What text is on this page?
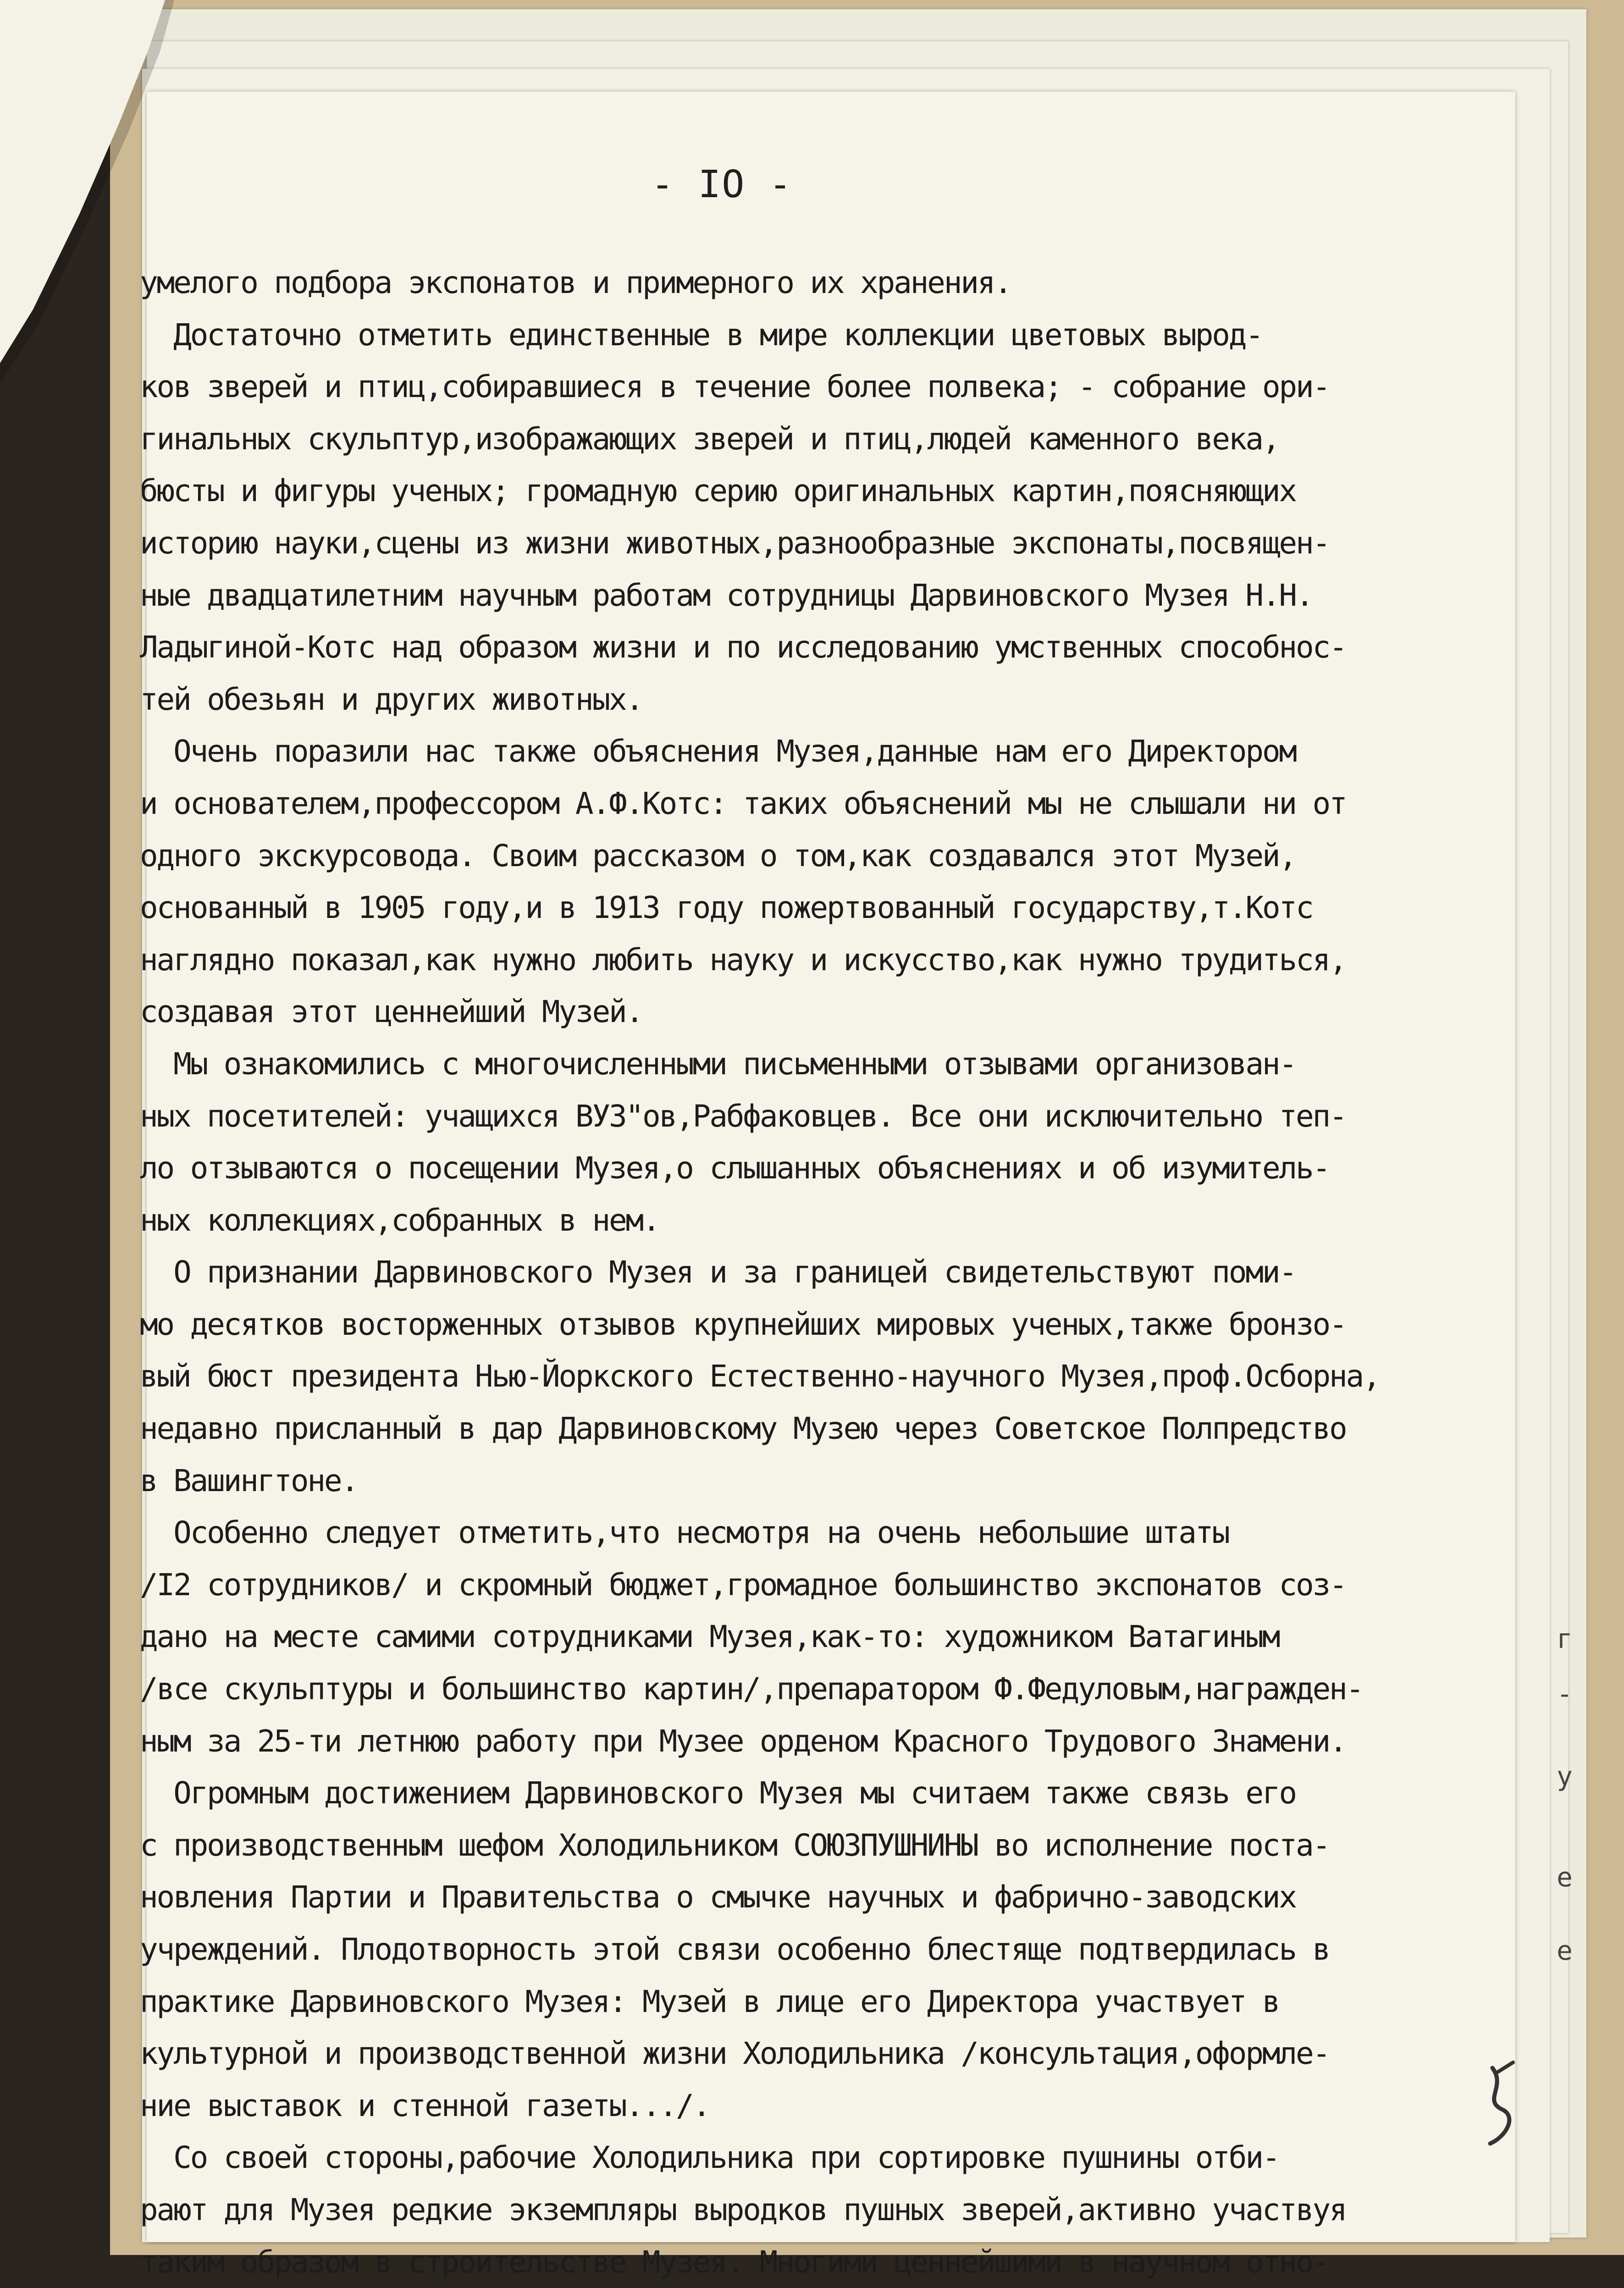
- IO -
умелого подбора экспонатов и примерного их хранения.
Достаточно отметить единственные в мире коллекции цветовых вырод-
ков зверей и птиц,собиравшиеся в течение более полвека; - собрание ори-
гинальных скульптур,изображающих зверей и птиц,людей каменного века,
бюсты и фигуры ученых; громадную серию оригинальных картин,поясняющих
историю науки,сцены из жизни животных,разнообразные экспонаты,посвящен-
ные двадцатилетним научным работам сотрудницы Дарвиновского Музея Н.Н.
Ладыгиной-Котс над образом жизни и по исследованию умственных способнос-
тей обезьян и других животных.
Очень поразили нас также объяснения Музея,данные нам его Директором
и основателем,профессором А.Ф.Котс: таких объяснений мы не слышали ни от
одного экскурсовода. Своим рассказом о том,как создавался этот Музей,
основанный в 1905 году,и в 1913 году пожертвованный государству,т.Котс
наглядно показал,как нужно любить науку и искусство,как нужно трудиться,
создавая этот ценнейший Музей.
Мы ознакомились с многочисленными письменными отзывами организован-
ных посетителей: учащихся ВУЗ"ов,Рабфаковцев. Все они исключительно теп-
ло отзываются о посещении Музея,о слышанных объяснениях и об изумитель-
ных коллекциях,собранных в нем.
О признании Дарвиновского Музея и за границей свидетельствуют поми-
мо десятков восторженных отзывов крупнейших мировых ученых,также бронзо-
вый бюст президента Нью-Йоркского Естественно-научного Музея,проф.Осборна,
недавно присланный в дар Дарвиновскому Музею через Советское Полпредство
в Вашингтоне.
Особенно следует отметить,что несмотря на очень небольшие штаты
/I2 сотрудников/ и скромный бюджет,громадное большинство экспонатов соз-
дано на месте самими сотрудниками Музея,как-то: художником Ватагиным
/все скульптуры и большинство картин/,препаратором Ф.Федуловым,награжден-
ным за 25-ти летнюю работу при Музее орденом Красного Трудового Знамени.
Огромным достижением Дарвиновского Музея мы считаем также связь его
с производственным шефом Холодильником СОЮЗПУШНИНЫ во исполнение поста-
новления Партии и Правительства о смычке научных и фабрично-заводских
учреждений. Плодотворность этой связи особенно блестяще подтвердилась в
практике Дарвиновского Музея: Музей в лице его Директора участвует в
культурной и производственной жизни Холодильника /консультация,оформле-
ние выставок и стенной газеты.../.
Со своей стороны,рабочие Холодильника при сортировке пушнины отби-
рают для Музея редкие экземпляры выродков пушных зверей,активно участвуя
таким образом в строительстве Музея. Многими ценнейшими в научном отно-
г
-
у
е
е
